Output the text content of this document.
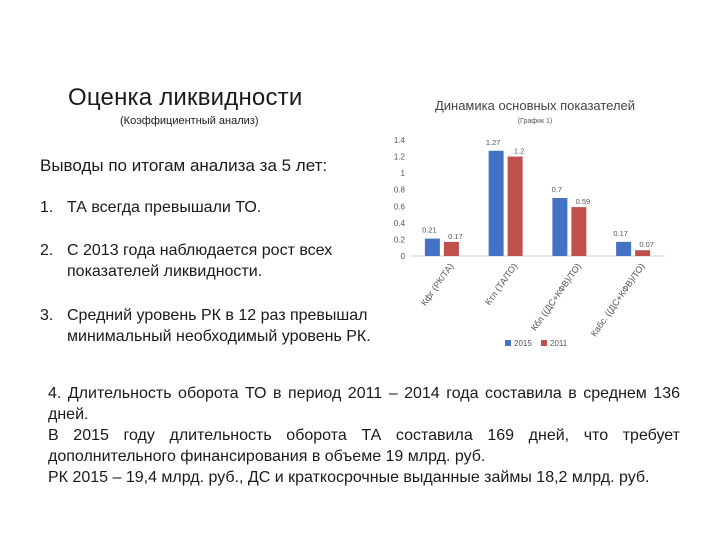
Оценка ликвидности
(Коэффициентный анализ)
Выводы по итогам анализа за 5 лет:
1. ТА всегда превышали ТО.
2. С 2013 года наблюдается рост всех
показателей ликвидности.
3. Средний уровень РК в 12 раз превышал
минимальный необходимый уровень РК.
Динамика основных показателей
(График 1)
0
0.2
0.4
0.6
0.8
1
1.2
1.4
0.21
0.17
Кфг (РК/ТА)
1.27
1.2
Ктл (ТА/ТО)
0.7
0.59
Кбл ((ДС+КФВ)/ТО)
0.17
0.07
Кабс. ((ДС+КФВ)/ТО)
2015 2011

4. Длительность оборота ТО в период 2011 – 2014 года составила в среднем 136 дней.

В 2015 году длительность оборота ТА составила 169 дней, что требует дополнительного финансирования в объеме 19 млрд. руб.

РК 2015 – 19,4 млрд. руб., ДС и краткосрочные выданные займы 18,2 млрд. руб.
